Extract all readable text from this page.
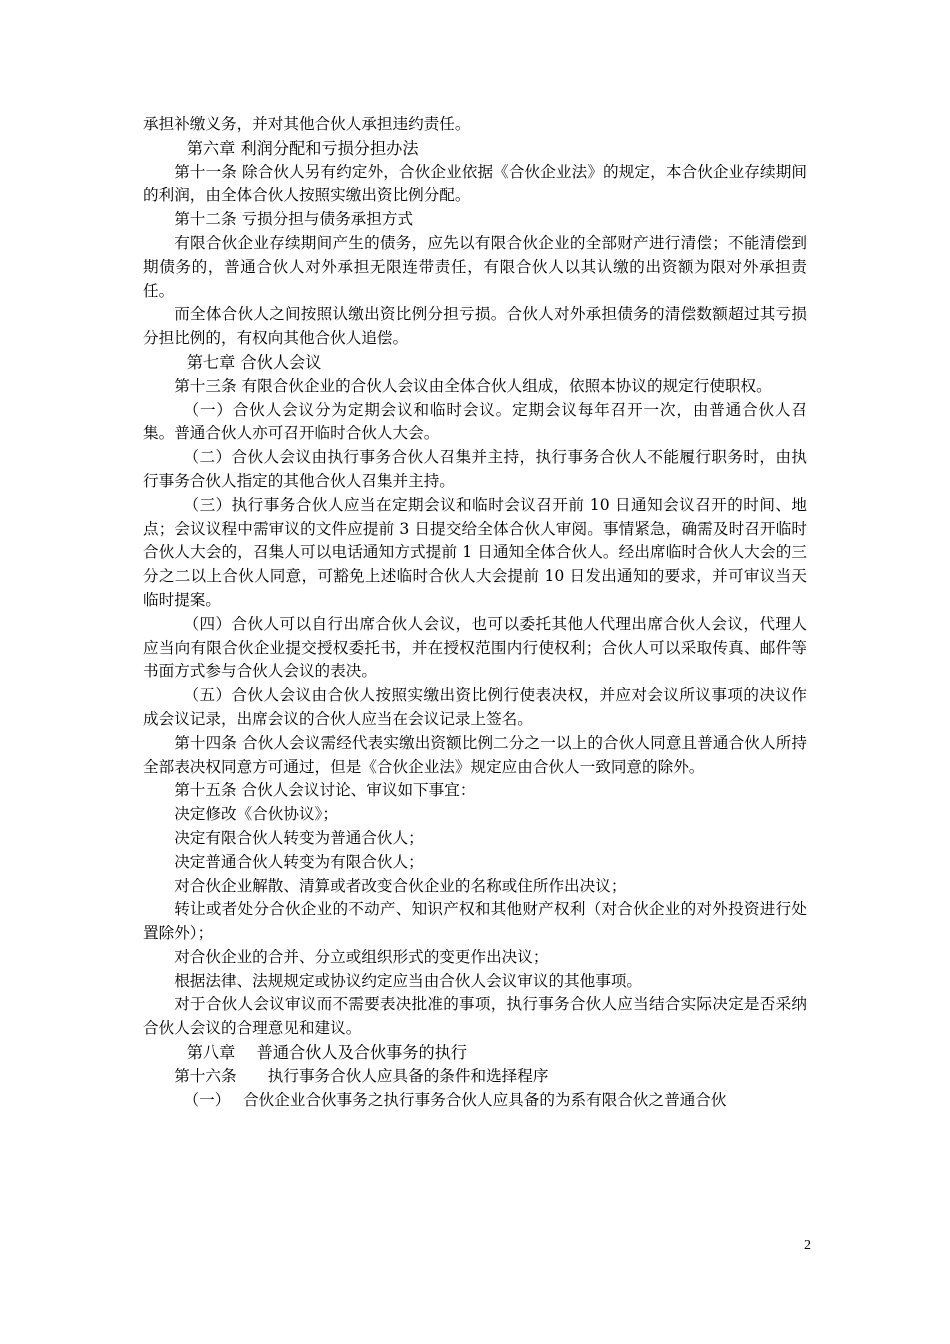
承担补缴义务，并对其他合伙人承担违约责任。

第六章 利润分配和亏损分担办法

第十一条 除合伙人另有约定外，合伙企业依据《合伙企业法》的规定，本合伙企业存续期间的利润，由全体合伙人按照实缴出资比例分配。

第十二条 亏损分担与债务承担方式

有限合伙企业存续期间产生的债务，应先以有限合伙企业的全部财产进行清偿；不能清偿到期债务的，普通合伙人对外承担无限连带责任，有限合伙人以其认缴的出资额为限对外承担责任。

而全体合伙人之间按照认缴出资比例分担亏损。合伙人对外承担债务的清偿数额超过其亏损分担比例的，有权向其他合伙人追偿。

第七章 合伙人会议

第十三条 有限合伙企业的合伙人会议由全体合伙人组成，依照本协议的规定行使职权。

（一）合伙人会议分为定期会议和临时会议。定期会议每年召开一次，由普通合伙人召集。普通合伙人亦可召开临时合伙人大会。

（二）合伙人会议由执行事务合伙人召集并主持，执行事务合伙人不能履行职务时，由执行事务合伙人指定的其他合伙人召集并主持。

（三）执行事务合伙人应当在定期会议和临时会议召开前 10 日通知会议召开的时间、地点；会议议程中需审议的文件应提前 3 日提交给全体合伙人审阅。事情紧急，确需及时召开临时合伙人大会的，召集人可以电话通知方式提前 1 日通知全体合伙人。经出席临时合伙人大会的三分之二以上合伙人同意，可豁免上述临时合伙人大会提前 10 日发出通知的要求，并可审议当天临时提案。

（四）合伙人可以自行出席合伙人会议，也可以委托其他人代理出席合伙人会议，代理人应当向有限合伙企业提交授权委托书，并在授权范围内行使权利；合伙人可以采取传真、邮件等书面方式参与合伙人会议的表决。

（五）合伙人会议由合伙人按照实缴出资比例行使表决权，并应对会议所议事项的决议作成会议记录，出席会议的合伙人应当在会议记录上签名。

第十四条 合伙人会议需经代表实缴出资额比例二分之一以上的合伙人同意且普通合伙人所持全部表决权同意方可通过，但是《合伙企业法》规定应由合伙人一致同意的除外。

第十五条 合伙人会议讨论、审议如下事宜：

决定修改《合伙协议》；

决定有限合伙人转变为普通合伙人；

决定普通合伙人转变为有限合伙人；

对合伙企业解散、清算或者改变合伙企业的名称或住所作出决议；

转让或者处分合伙企业的不动产、知识产权和其他财产权利（对合伙企业的对外投资进行处置除外）；

对合伙企业的合并、分立或组织形式的变更作出决议；

根据法律、法规规定或协议约定应当由合伙人会议审议的其他事项。

对于合伙人会议审议而不需要表决批准的事项，执行事务合伙人应当结合实际决定是否采纳合伙人会议的合理意见和建议。

第八章　 普通合伙人及合伙事务的执行

第十六条　　执行事务合伙人应具备的条件和选择程序

（一）　 合伙企业合伙事务之执行事务合伙人应具备的为系有限合伙之普通合伙

2
